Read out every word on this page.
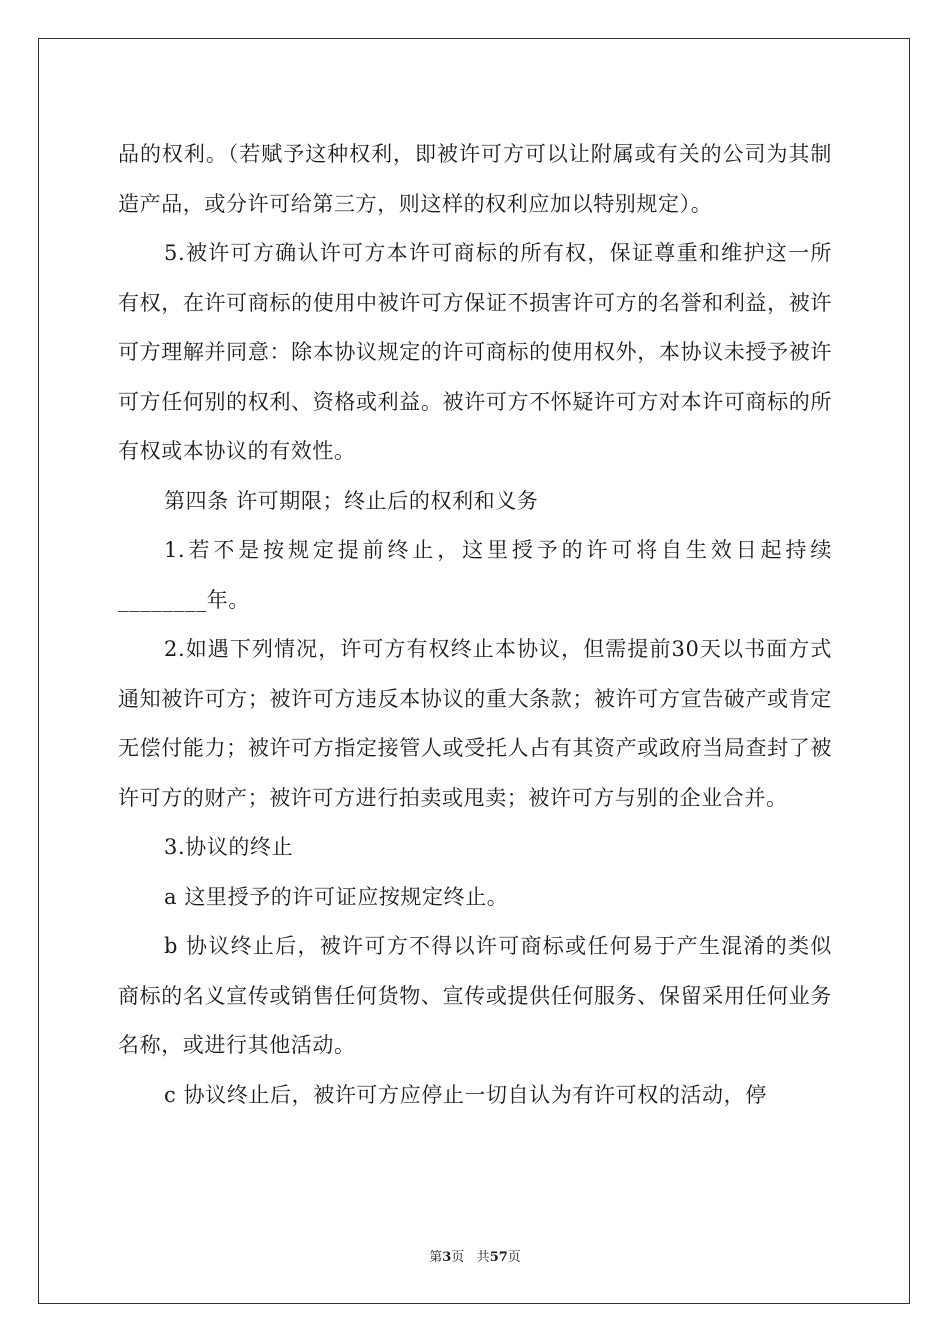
品的权利。（若赋予这种权利，即被许可方可以让附属或有关的公司为其制造产品，或分许可给第三方，则这样的权利应加以特别规定）。

5.被许可方确认许可方本许可商标的所有权，保证尊重和维护这一所有权，在许可商标的使用中被许可方保证不损害许可方的名誉和利益，被许可方理解并同意：除本协议规定的许可商标的使用权外，本协议未授予被许可方任何别的权利、资格或利益。被许可方不怀疑许可方对本许可商标的所有权或本协议的有效性。

第四条 许可期限；终止后的权利和义务

1.若不是按规定提前终止，这里授予的许可将自生效日起持续________年。

2.如遇下列情况，许可方有权终止本协议，但需提前30天以书面方式通知被许可方；被许可方违反本协议的重大条款；被许可方宣告破产或肯定无偿付能力；被许可方指定接管人或受托人占有其资产或政府当局查封了被许可方的财产；被许可方进行拍卖或甩卖；被许可方与别的企业合并。

3.协议的终止

a 这里授予的许可证应按规定终止。

b 协议终止后，被许可方不得以许可商标或任何易于产生混淆的类似商标的名义宣传或销售任何货物、宣传或提供任何服务、保留采用任何业务名称，或进行其他活动。

c 协议终止后，被许可方应停止一切自认为有许可权的活动，停

第3页 共57页
